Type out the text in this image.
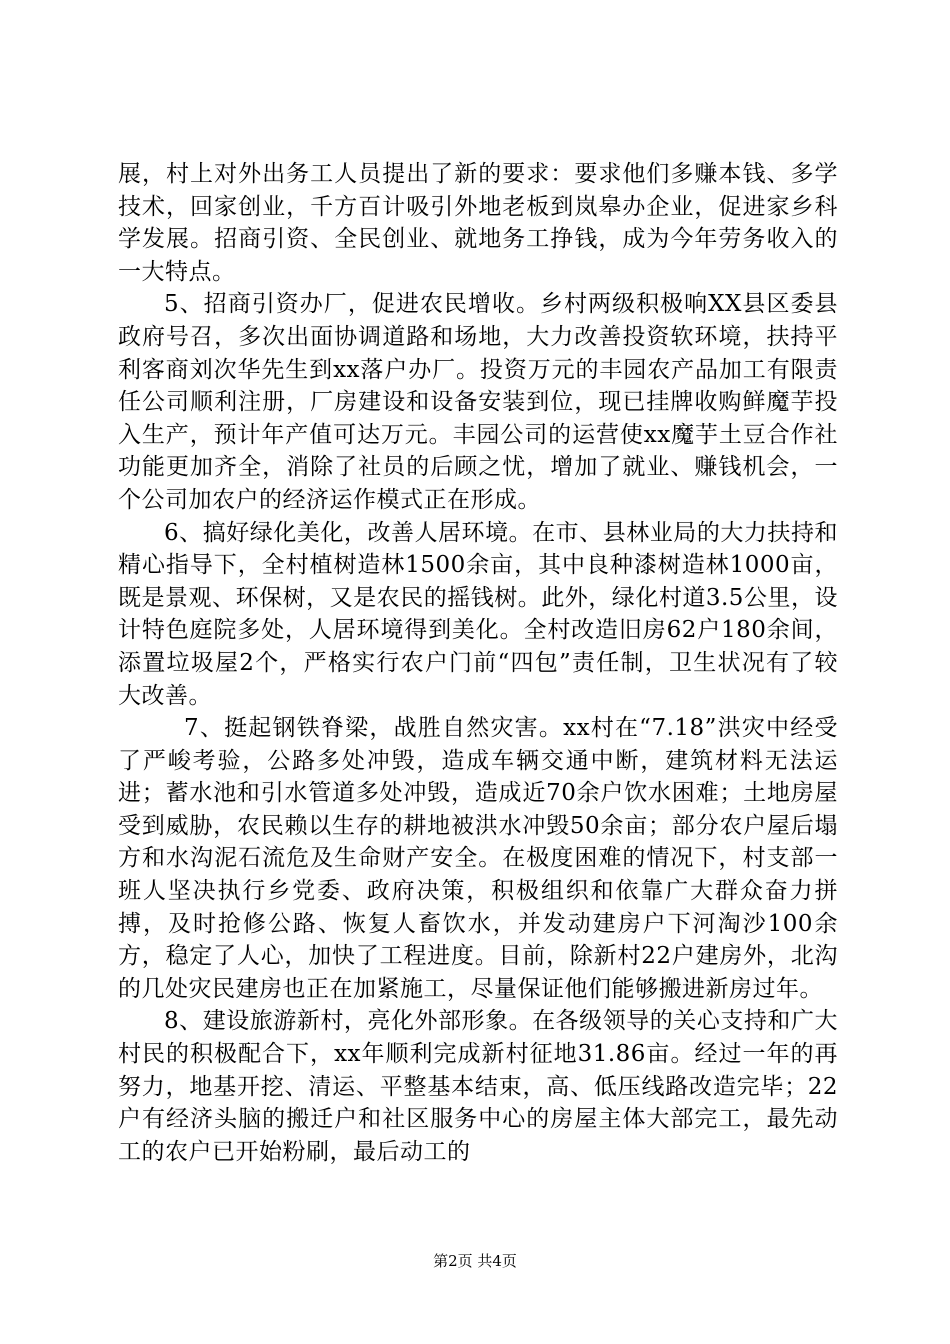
展，村上对外出务工人员提出了新的要求：要求他们多赚本钱、多学技术，回家创业，千方百计吸引外地老板到岚皋办企业，促进家乡科学发展。招商引资、全民创业、就地务工挣钱，成为今年劳务收入的一大特点。

5、招商引资办厂，促进农民增收。乡村两级积极响XX县区委县政府号召，多次出面协调道路和场地，大力改善投资软环境，扶持平利客商刘次华先生到xx落户办厂。投资万元的丰园农产品加工有限责任公司顺利注册，厂房建设和设备安装到位，现已挂牌收购鲜魔芋投入生产，预计年产值可达万元。丰园公司的运营使xx魔芋土豆合作社功能更加齐全，消除了社员的后顾之忧，增加了就业、赚钱机会，一个公司加农户的经济运作模式正在形成。

6、搞好绿化美化，改善人居环境。在市、县林业局的大力扶持和精心指导下，全村植树造林1500余亩，其中良种漆树造林1000亩，既是景观、环保树，又是农民的摇钱树。此外，绿化村道3.5公里，设计特色庭院多处，人居环境得到美化。全村改造旧房62户180余间，添置垃圾屋2个，严格实行农户门前“四包”责任制，卫生状况有了较大改善。

7、挺起钢铁脊梁，战胜自然灾害。xx村在“7.18”洪灾中经受了严峻考验，公路多处冲毁，造成车辆交通中断，建筑材料无法运进；蓄水池和引水管道多处冲毁，造成近70余户饮水困难；土地房屋受到威胁，农民赖以生存的耕地被洪水冲毁50余亩；部分农户屋后塌方和水沟泥石流危及生命财产安全。在极度困难的情况下，村支部一班人坚决执行乡党委、政府决策，积极组织和依靠广大群众奋力拼搏，及时抢修公路、恢复人畜饮水，并发动建房户下河淘沙100余方，稳定了人心，加快了工程进度。目前，除新村22户建房外，北沟的几处灾民建房也正在加紧施工，尽量保证他们能够搬进新房过年。

8、建设旅游新村，亮化外部形象。在各级领导的关心支持和广大村民的积极配合下，xx年顺利完成新村征地31.86亩。经过一年的再努力，地基开挖、清运、平整基本结束，高、低压线路改造完毕；22户有经济头脑的搬迁户和社区服务中心的房屋主体大部完工，最先动工的农户已开始粉刷，最后动工的

第2页 共4页
